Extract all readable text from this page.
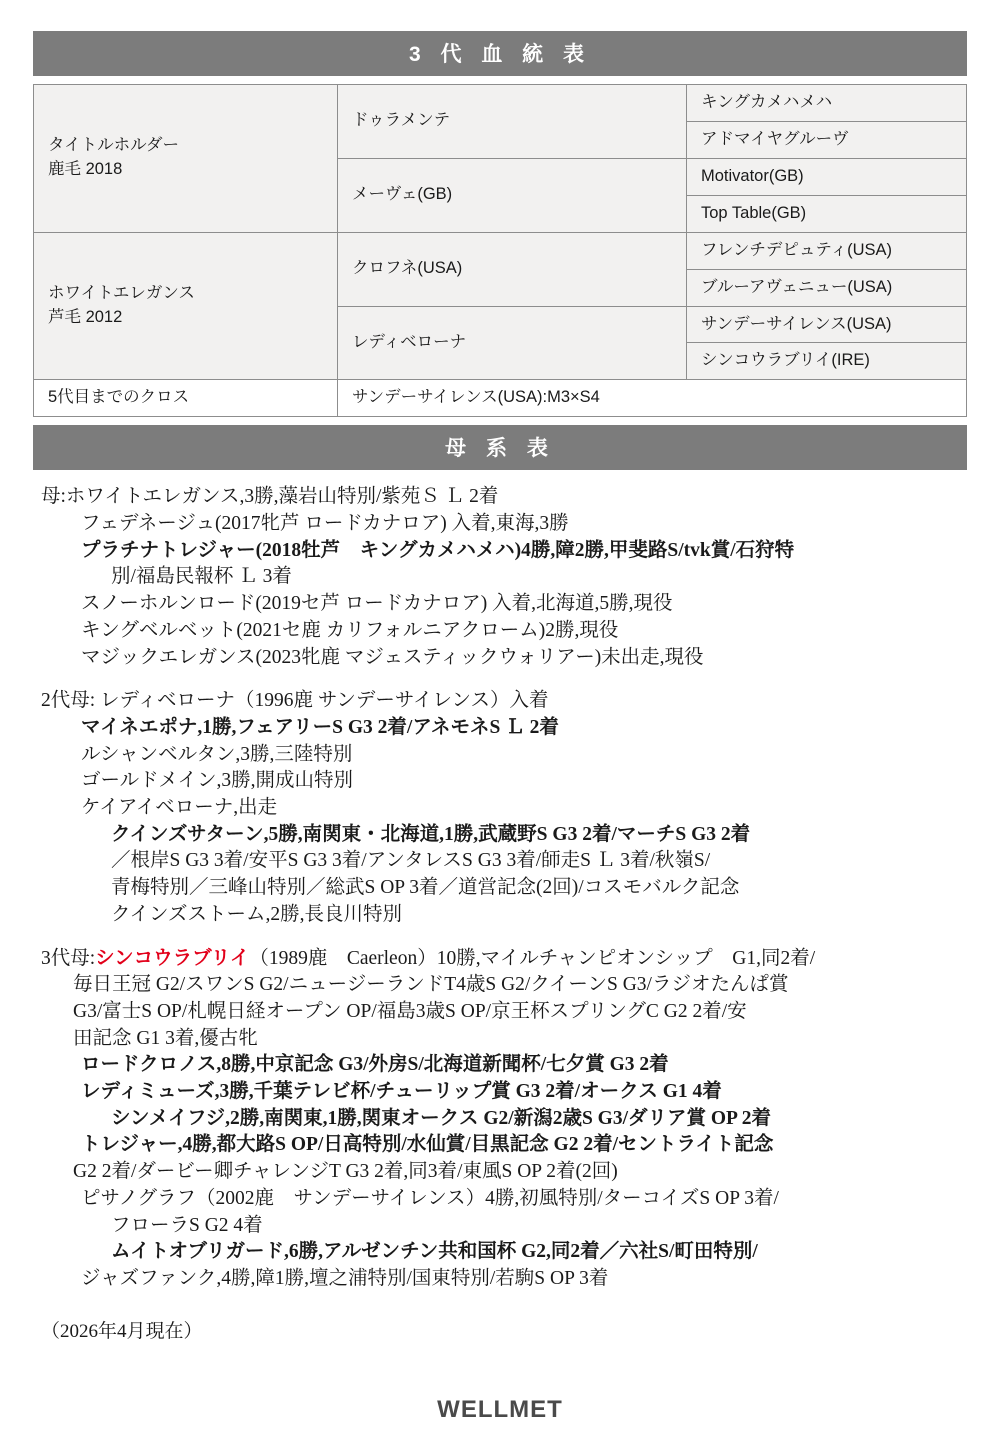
3 代 血 統 表
タイトルホルダー
鹿毛 2018	ドゥラメンテ	キングカメハメハ
		アドマイヤグルーヴ
	メーヴェ(GB)	Motivator(GB)
		Top Table(GB)
ホワイトエレガンス
芦毛 2012	クロフネ(USA)	フレンチデピュティ(USA)
		ブルーアヴェニュー(USA)
	レディベローナ	サンデーサイレンス(USA)
		シンコウラブリイ(IRE)
5代目までのクロス	サンデーサイレンス(USA):M3×S4	
母 系 表

母:ホワイトエレガンス,3勝,藻岩山特別/紫苑Ｓ Ｌ 2着

フェデネージュ(2017牝芦 ロードカナロア) 入着,東海,3勝

プラチナトレジャー(2018牡芦　キングカメハメハ)4勝,障2勝,甲斐路S/tvk賞/石狩特

別/福島民報杯 Ｌ 3着

スノーホルンロード(2019セ芦 ロードカナロア) 入着,北海道,5勝,現役

キングベルベット(2021セ鹿 カリフォルニアクローム)2勝,現役

マジックエレガンス(2023牝鹿 マジェスティックウォリアー)未出走,現役

2代母: レディベローナ（1996鹿 サンデーサイレンス）入着

マイネエポナ,1勝,フェアリーS G3 2着/アネモネS Ｌ 2着

ルシャンベルタン,3勝,三陸特別

ゴールドメイン,3勝,開成山特別

ケイアイベローナ,出走

クインズサターン,5勝,南関東・北海道,1勝,武蔵野S G3 2着/マーチS G3 2着

／根岸S G3 3着/安平S G3 3着/アンタレスS G3 3着/師走S Ｌ 3着/秋嶺S/

青梅特別／三峰山特別／総武S OP 3着／道営記念(2回)/コスモバルク記念

クインズストーム,2勝,長良川特別

3代母:シンコウラブリイ（1989鹿　Caerleon）10勝,マイルチャンピオンシップ　G1,同2着/

毎日王冠 G2/スワンS G2/ニュージーランドT4歳S G2/クイーンS G3/ラジオたんぱ賞

G3/富士S OP/札幌日経オープン OP/福島3歳S OP/京王杯スプリングC G2 2着/安

田記念 G1 3着,優古牝

ロードクロノス,8勝,中京記念 G3/外房S/北海道新聞杯/七夕賞 G3 2着

レディミューズ,3勝,千葉テレビ杯/チューリップ賞 G3 2着/オークス G1 4着

シンメイフジ,2勝,南関東,1勝,関東オークス G2/新潟2歳S G3/ダリア賞 OP 2着

トレジャー,4勝,都大路S OP/日高特別/水仙賞/目黒記念 G2 2着/セントライト記念

G2 2着/ダービー卿チャレンジT G3 2着,同3着/東風S OP 2着(2回)

ピサノグラフ（2002鹿　サンデーサイレンス）4勝,初風特別/ターコイズS OP 3着/

フローラS G2 4着

ムイトオブリガード,6勝,アルゼンチン共和国杯 G2,同2着／六社S/町田特別/

ジャズファンク,4勝,障1勝,壇之浦特別/国東特別/若駒S OP 3着

（2026年4月現在）

WELLMET
